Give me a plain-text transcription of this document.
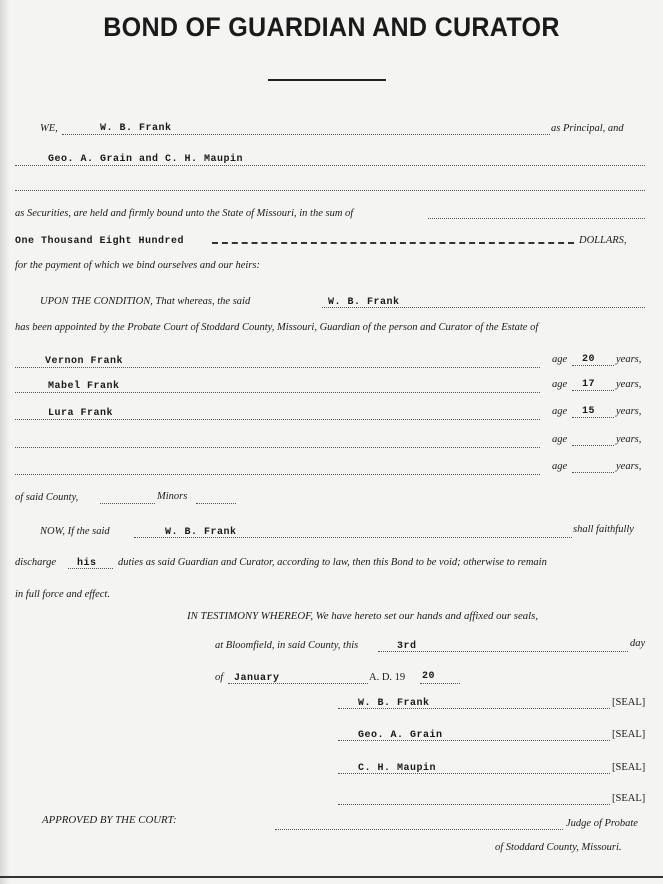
BOND OF GUARDIAN AND CURATOR
WE,	W. B. Frank	as Principal, and
Geo. A. Grain and C. H. Maupin
as Securities, are held and firmly bound unto the State of Missouri, in the sum of
One Thousand Eight Hundred	DOLLARS,
for the payment of which we bind ourselves and our heirs:
UPON THE CONDITION, That whereas, the said	W. B. Frank
has been appointed by the Probate Court of Stoddard County, Missouri, Guardian of the person and Curator of the Estate of
Vernon Frank	age 20 years,
Mabel Frank	age 17 years,
Lura Frank	age 15 years,
age	years,
age	years,
of said County,	Minors
NOW, If the said	W. B. Frank	shall faithfully
discharge his duties as said Guardian and Curator, according to law, then this Bond to be void; otherwise to remain
in full force and effect.
IN TESTIMONY WHEREOF, We have hereto set our hands and affixed our seals,
at Bloomfield, in said County, this	3rd	day
of January	A. D. 19 20
W. B. Frank	[SEAL]
Geo. A. Grain	[SEAL]
C. H. Maupin	[SEAL]
[SEAL]
APPROVED BY THE COURT:	Judge of Probate
of Stoddard County, Missouri.
